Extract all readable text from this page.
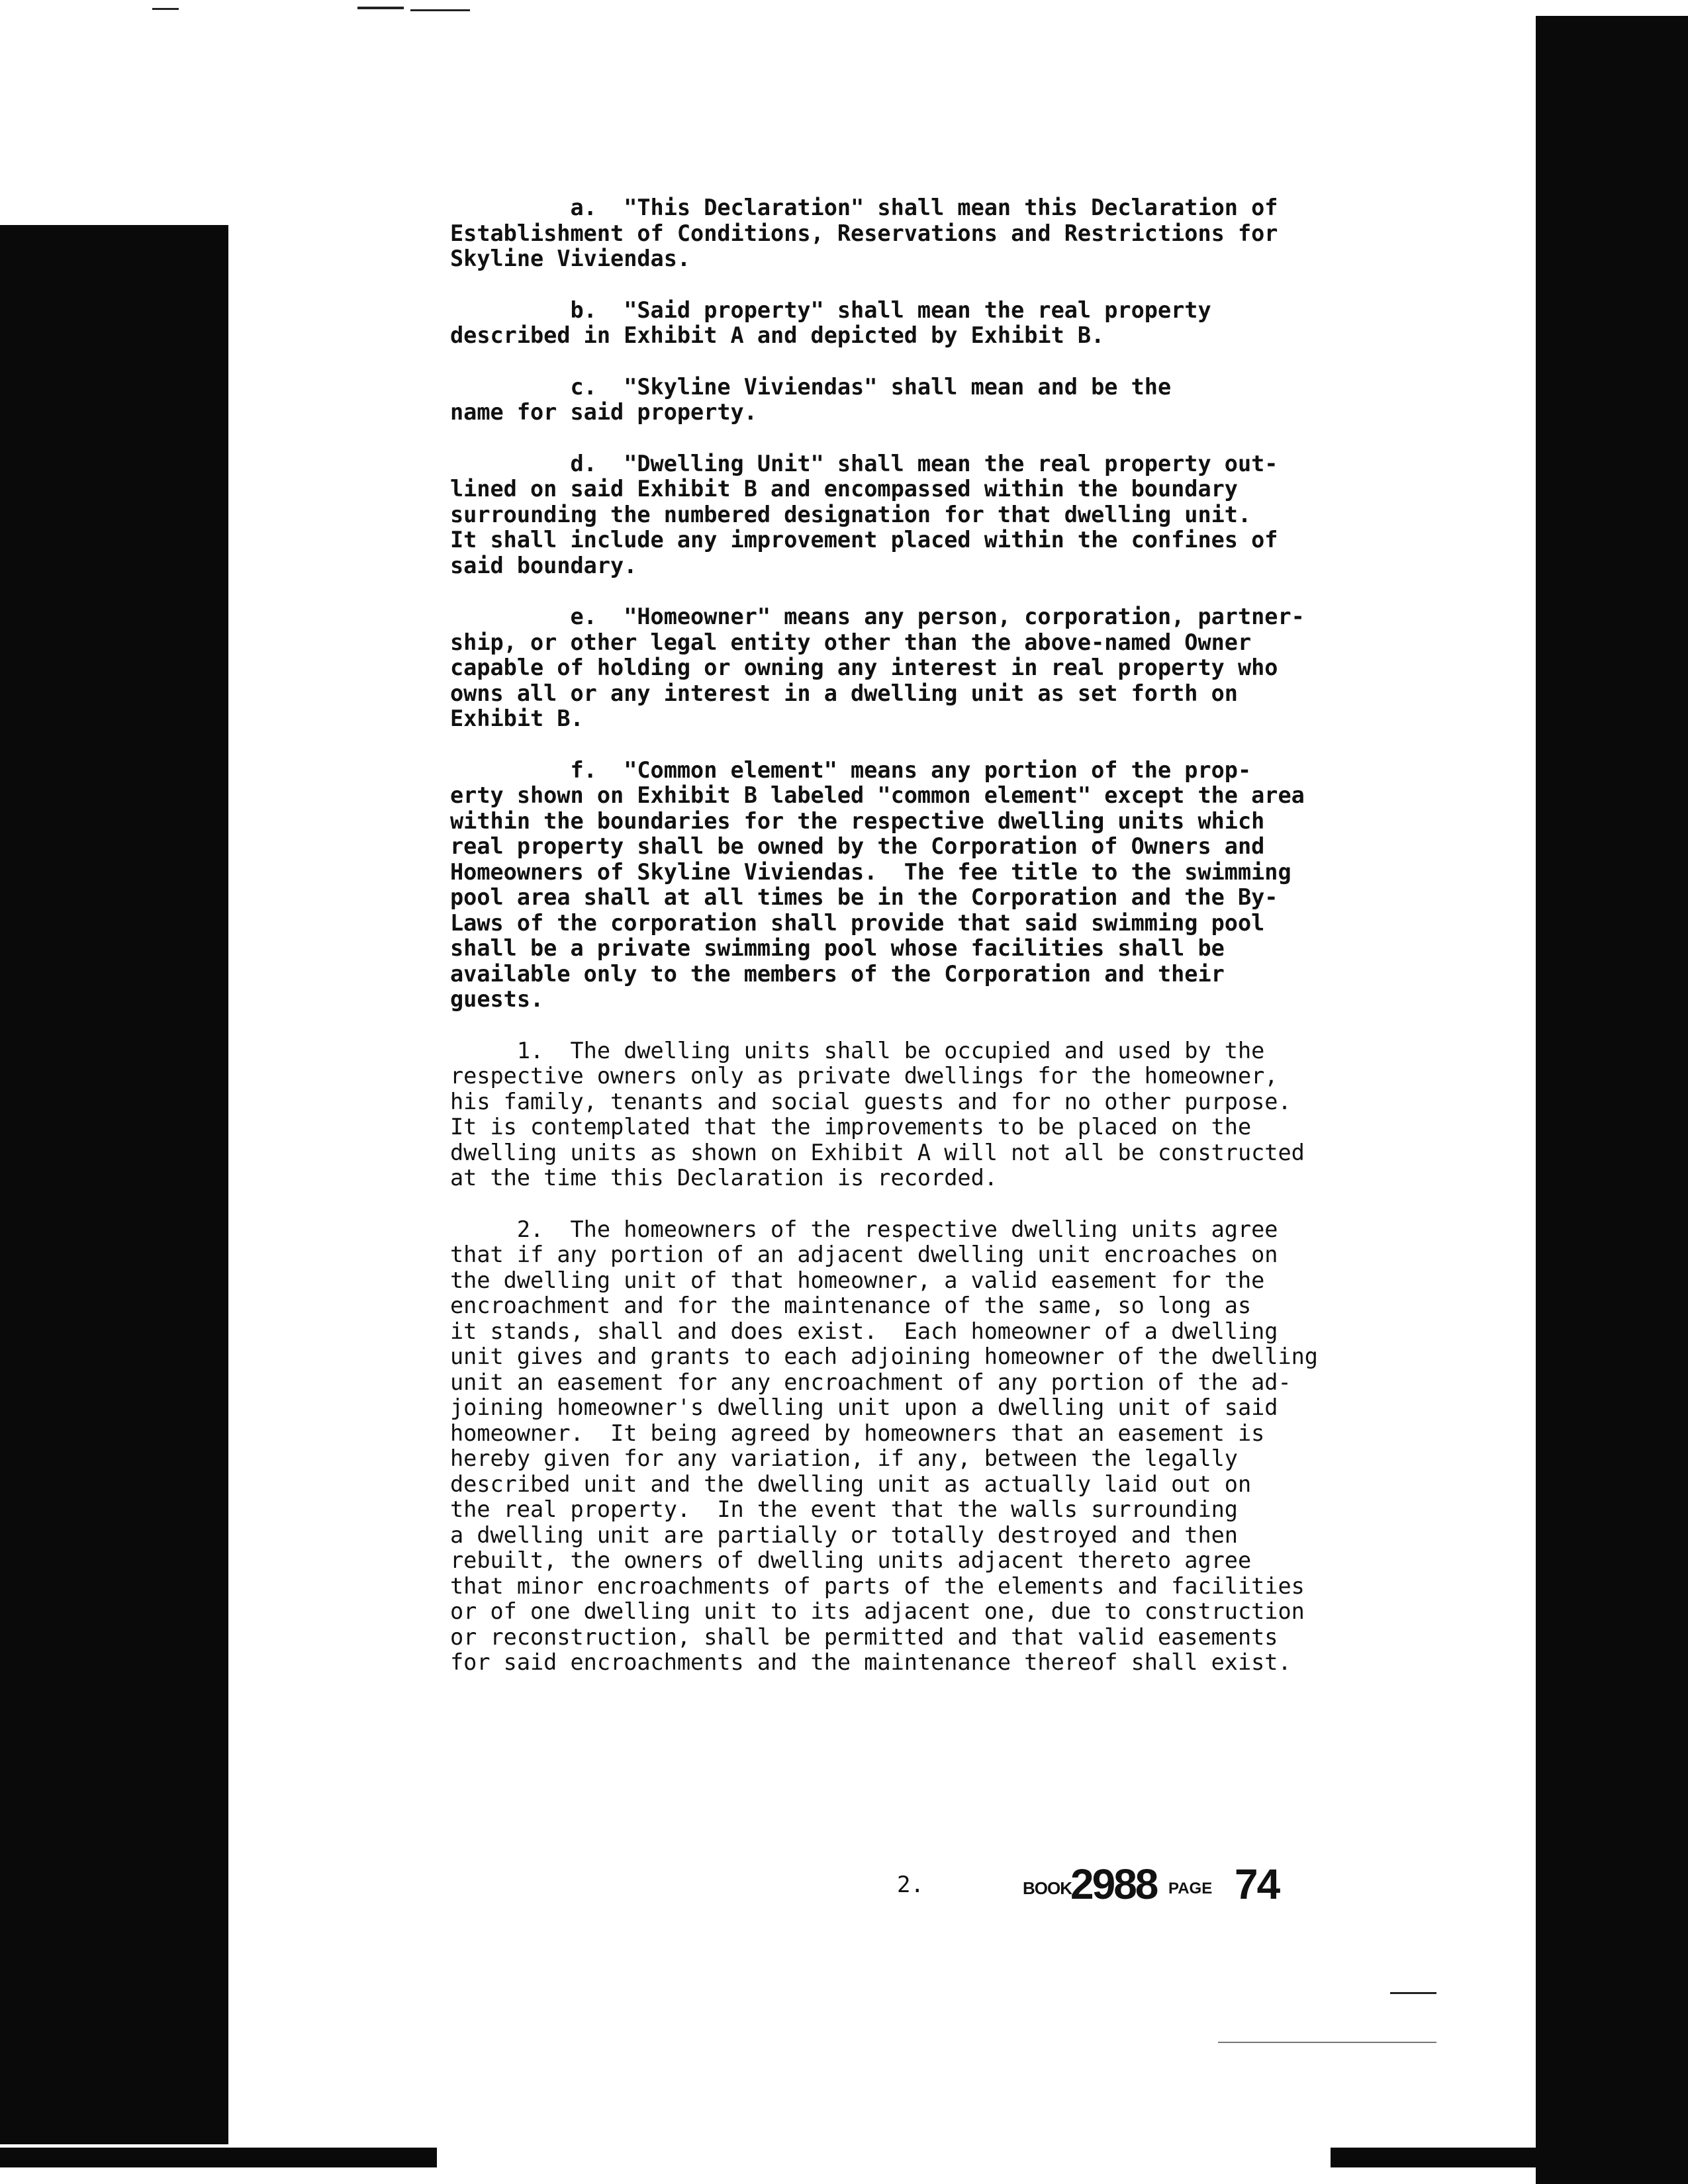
a.  "This Declaration" shall mean this Declaration of
Establishment of Conditions, Reservations and Restrictions for
Skyline Viviendas.
b.  "Said property" shall mean the real property
described in Exhibit A and depicted by Exhibit B.
c.  "Skyline Viviendas" shall mean and be the
name for said property.
d.  "Dwelling Unit" shall mean the real property out-
lined on said Exhibit B and encompassed within the boundary
surrounding the numbered designation for that dwelling unit.
It shall include any improvement placed within the confines of
said boundary.
e.  "Homeowner" means any person, corporation, partner-
ship, or other legal entity other than the above-named Owner
capable of holding or owning any interest in real property who
owns all or any interest in a dwelling unit as set forth on
Exhibit B.
f.  "Common element" means any portion of the prop-
erty shown on Exhibit B labeled "common element" except the area
within the boundaries for the respective dwelling units which
real property shall be owned by the Corporation of Owners and
Homeowners of Skyline Viviendas.  The fee title to the swimming
pool area shall at all times be in the Corporation and the By-
Laws of the corporation shall provide that said swimming pool
shall be a private swimming pool whose facilities shall be
available only to the members of the Corporation and their
guests.
1.  The dwelling units shall be occupied and used by the
respective owners only as private dwellings for the homeowner,
his family, tenants and social guests and for no other purpose.
It is contemplated that the improvements to be placed on the
dwelling units as shown on Exhibit A will not all be constructed
at the time this Declaration is recorded.
2.  The homeowners of the respective dwelling units agree
that if any portion of an adjacent dwelling unit encroaches on
the dwelling unit of that homeowner, a valid easement for the
encroachment and for the maintenance of the same, so long as
it stands, shall and does exist.  Each homeowner of a dwelling
unit gives and grants to each adjoining homeowner of the dwelling
unit an easement for any encroachment of any portion of the ad-
joining homeowner's dwelling unit upon a dwelling unit of said
homeowner.  It being agreed by homeowners that an easement is
hereby given for any variation, if any, between the legally
described unit and the dwelling unit as actually laid out on
the real property.  In the event that the walls surrounding
a dwelling unit are partially or totally destroyed and then
rebuilt, the owners of dwelling units adjacent thereto agree
that minor encroachments of parts of the elements and facilities
or of one dwelling unit to its adjacent one, due to construction
or reconstruction, shall be permitted and that valid easements
for said encroachments and the maintenance thereof shall exist.
2.	BOOK
2988 PAGE 74
